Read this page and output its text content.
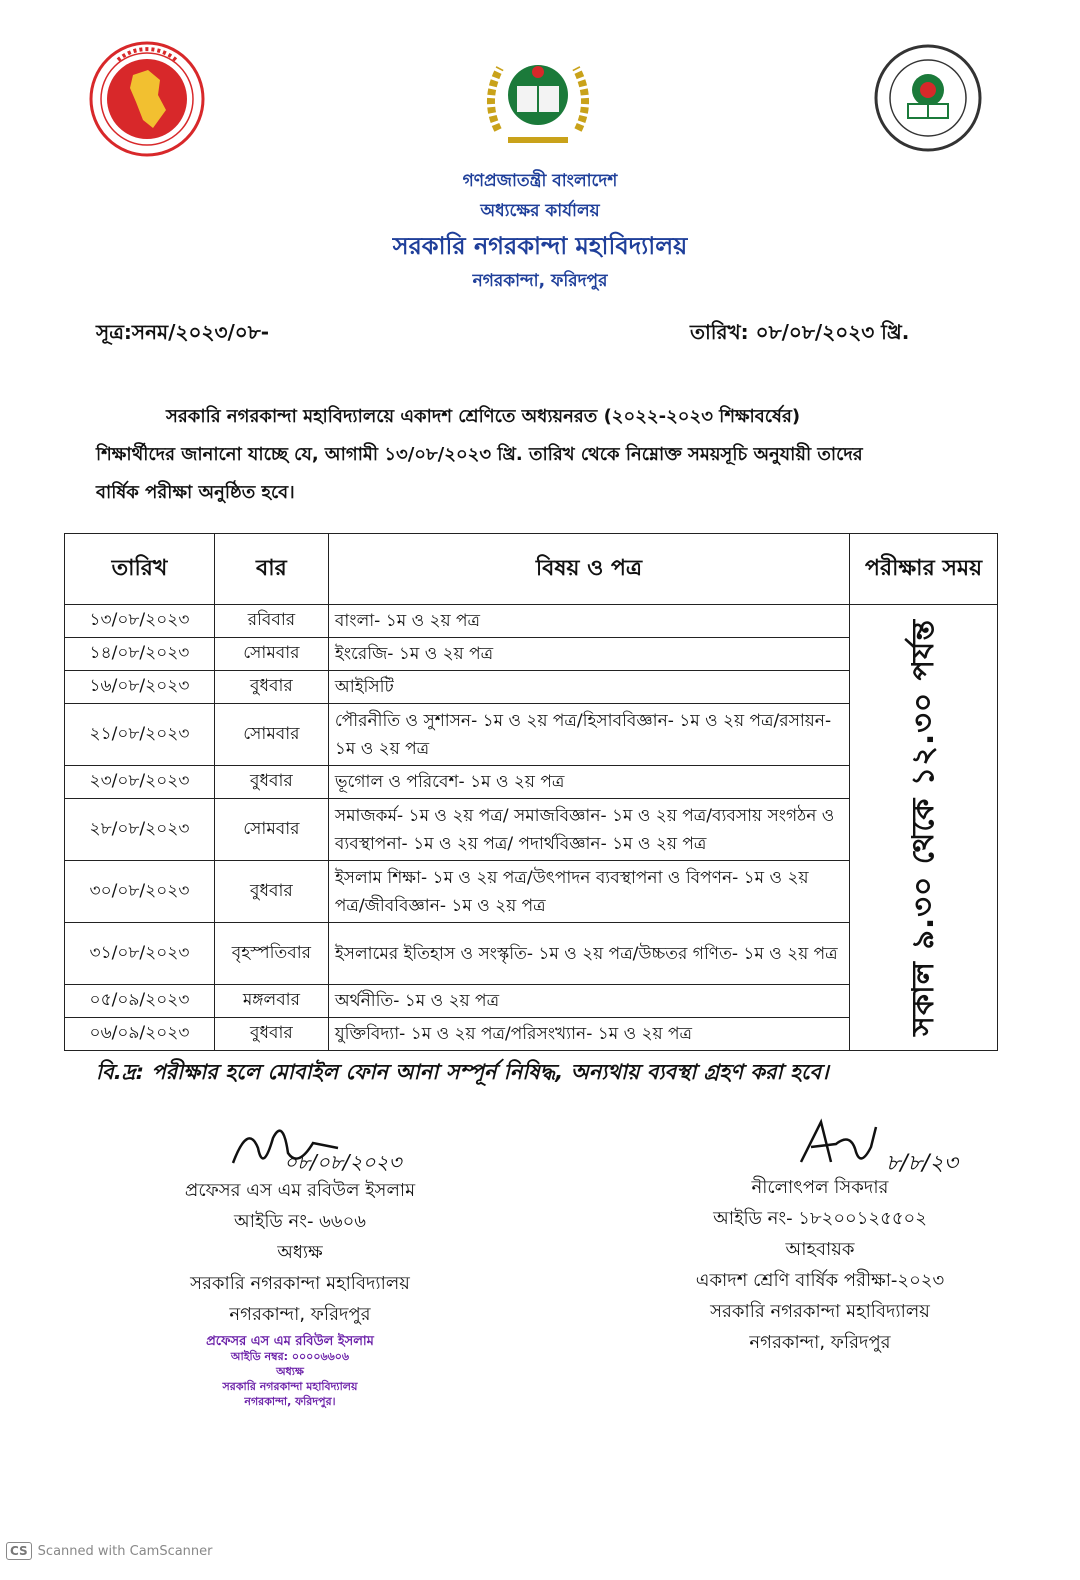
গণপ্রজাতন্ত্রী বাংলাদেশ
অধ্যক্ষের কার্যালয়
সরকারি নগরকান্দা মহাবিদ্যালয়
নগরকান্দা, ফরিদপুর
সূত্র:সনম/২০২৩/০৮-	তারিখ: ০৮/০৮/২০২৩ খ্রি.
সরকারি নগরকান্দা মহাবিদ্যালয়ে একাদশ শ্রেণিতে অধ্যয়নরত (২০২২-২০২৩ শিক্ষাবর্ষের)
শিক্ষার্থীদের জানানো যাচ্ছে যে, আগামী ১৩/০৮/২০২৩ খ্রি. তারিখ থেকে নিম্নোক্ত সময়সূচি অনুযায়ী তাদের
বার্ষিক পরীক্ষা অনুষ্ঠিত হবে।
তারিখ	বার	বিষয় ও পত্র	পরীক্ষার সময়
১৩/০৮/২০২৩	রবিবার	বাংলা- ১ম ও ২য় পত্র	সকাল ৯.৩০ থেকে ১২.৩০ পর্যন্ত

১৪/০৮/২০২৩	সোমবার	ইংরেজি- ১ম ও ২য় পত্র	
১৬/০৮/২০২৩	বুধবার	আইসিটি	
২১/০৮/২০২৩	সোমবার	পৌরনীতি ও সুশাসন- ১ম ও ২য় পত্র/হিসাববিজ্ঞান- ১ম ও ২য় পত্র/রসায়ন- ১ম ও ২য় পত্র	
২৩/০৮/২০২৩	বুধবার	ভূগোল ও পরিবেশ- ১ম ও ২য় পত্র	
২৮/০৮/২০২৩	সোমবার	সমাজকর্ম- ১ম ও ২য় পত্র/ সমাজবিজ্ঞান- ১ম ও ২য় পত্র/ব্যবসায় সংগঠন ও ব্যবস্থাপনা- ১ম ও ২য় পত্র/ পদার্থবিজ্ঞান- ১ম ও ২য় পত্র	
৩০/০৮/২০২৩	বুধবার	ইসলাম শিক্ষা- ১ম ও ২য় পত্র/উৎপাদন ব্যবস্থাপনা ও বিপণন- ১ম ও ২য় পত্র/জীববিজ্ঞান- ১ম ও ২য় পত্র	
৩১/০৮/২০২৩	বৃহস্পতিবার	ইসলামের ইতিহাস ও সংস্কৃতি- ১ম ও ২য় পত্র/উচ্চতর গণিত- ১ম ও ২য় পত্র	
০৫/০৯/২০২৩	মঙ্গলবার	অর্থনীতি- ১ম ও ২য় পত্র	
০৬/০৯/২০২৩	বুধবার	যুক্তিবিদ্যা- ১ম ও ২য় পত্র/পরিসংখ্যান- ১ম ও ২য় পত্র	
বি.দ্র: পরীক্ষার হলে মোবাইল ফোন আনা সম্পূর্ন নিষিদ্ধ, অন্যথায় ব্যবস্থা গ্রহণ করা হবে।
০৮/০৮/২০২৩
প্রফেসর এস এম রবিউল ইসলাম
আইডি নং- ৬৬০৬
অধ্যক্ষ
সরকারি নগরকান্দা মহাবিদ্যালয়
নগরকান্দা, ফরিদপুর
প্রফেসর এস এম রবিউল ইসলাম
আইডি নম্বর: ০০০০৬৬০৬
অধ্যক্ষ
সরকারি নগরকান্দা মহাবিদ্যালয়
নগরকান্দা, ফরিদপুর।
৮/৮/২৩
নীলোৎপল সিকদার
আইডি নং- ১৮২০০১২৫৫০২
আহবায়ক
একাদশ শ্রেণি বার্ষিক পরীক্ষা-২০২৩
সরকারি নগরকান্দা মহাবিদ্যালয়
নগরকান্দা, ফরিদপুর
CS Scanned with CamScanner
